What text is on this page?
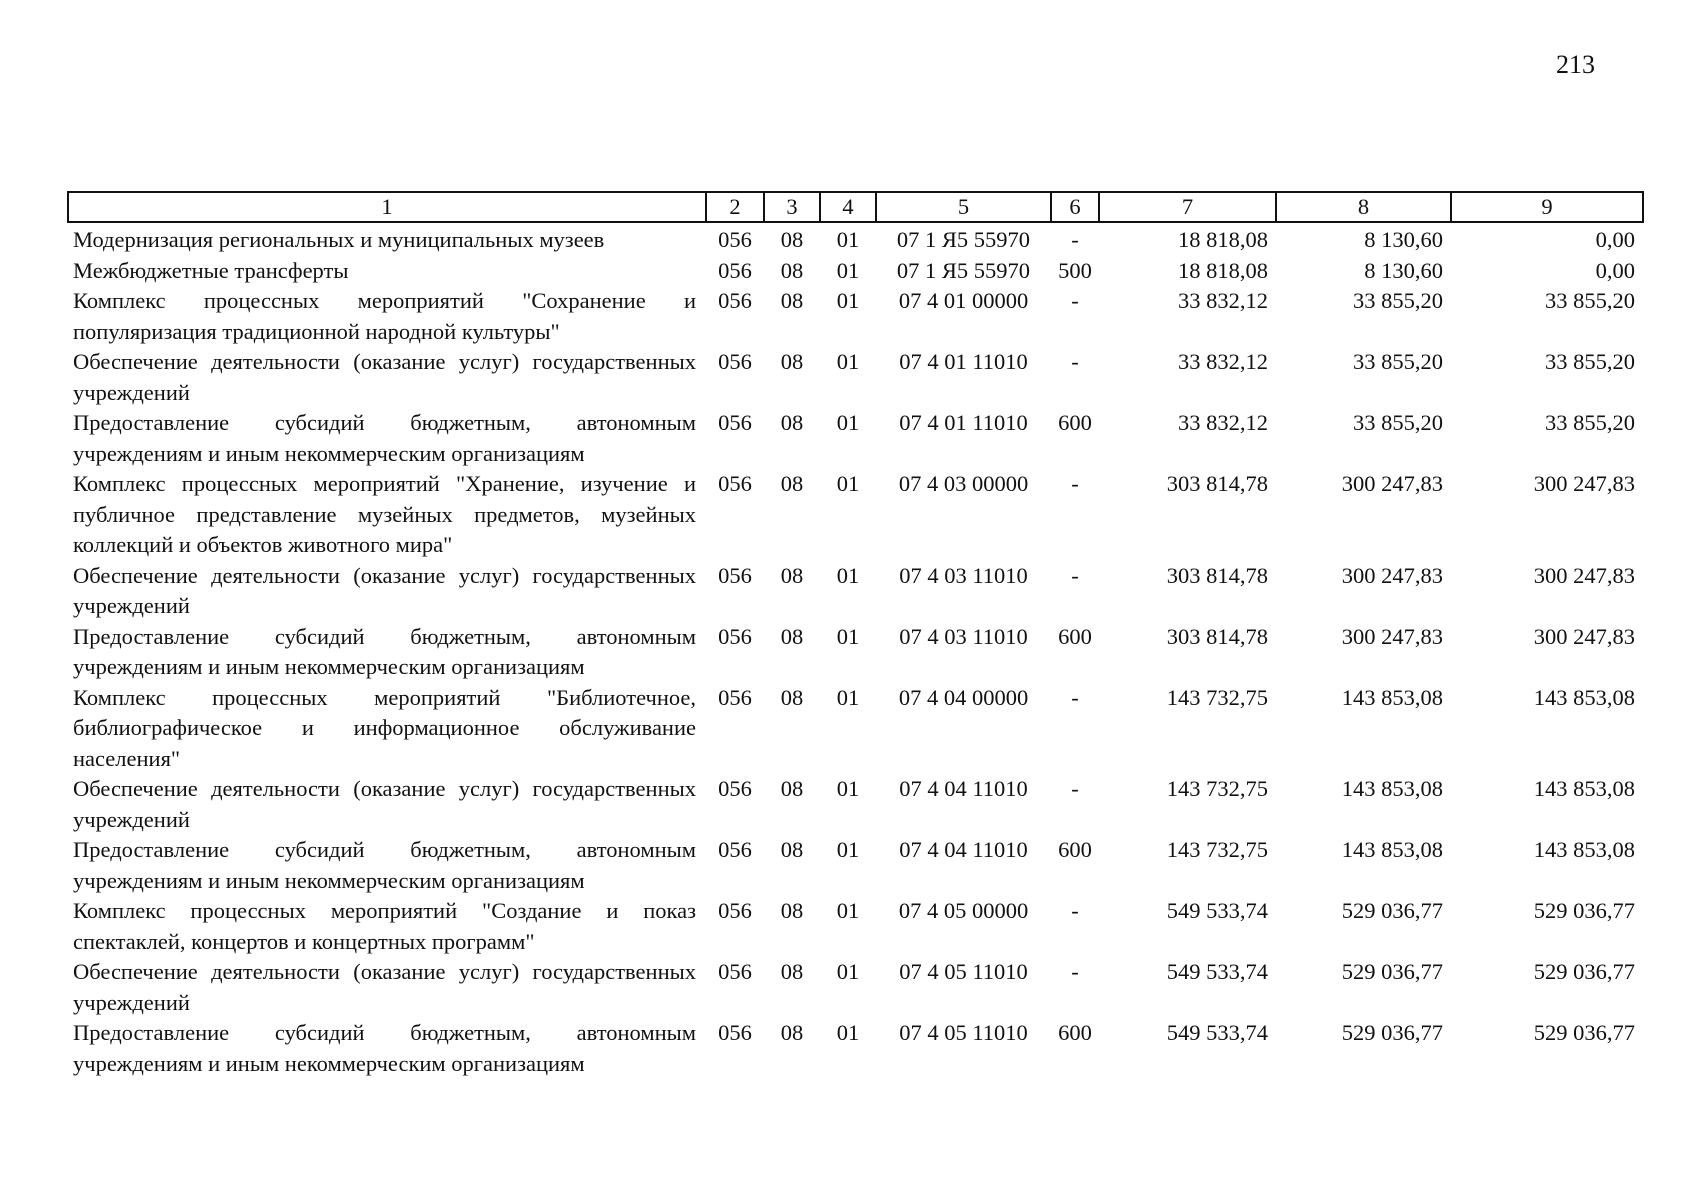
213
1	2	3	4	5	6	7	8	9
Модернизация региональных и муниципальных музеев	056	08	01	07 1 Я5 55970	-	18 818,08	8 130,60	0,00
Межбюджетные трансферты	056	08	01	07 1 Я5 55970	500	18 818,08	8 130,60	0,00
Комплекс процессных мероприятий "Сохранение и популяризация традиционной народной культуры"	056	08	01	07 4 01 00000	-	33 832,12	33 855,20	33 855,20
Обеспечение деятельности (оказание услуг) государственных учреждений	056	08	01	07 4 01 11010	-	33 832,12	33 855,20	33 855,20
Предоставление субсидий бюджетным, автономным учреждениям и иным некоммерческим организациям	056	08	01	07 4 01 11010	600	33 832,12	33 855,20	33 855,20
Комплекс процессных мероприятий "Хранение, изучение и публичное представление музейных предметов, музейных коллекций и объектов животного мира"	056	08	01	07 4 03 00000	-	303 814,78	300 247,83	300 247,83
Обеспечение деятельности (оказание услуг) государственных учреждений	056	08	01	07 4 03 11010	-	303 814,78	300 247,83	300 247,83
Предоставление субсидий бюджетным, автономным учреждениям и иным некоммерческим организациям	056	08	01	07 4 03 11010	600	303 814,78	300 247,83	300 247,83
Комплекс процессных мероприятий "Библиотечное, библиографическое и информационное обслуживание населения"	056	08	01	07 4 04 00000	-	143 732,75	143 853,08	143 853,08
Обеспечение деятельности (оказание услуг) государственных учреждений	056	08	01	07 4 04 11010	-	143 732,75	143 853,08	143 853,08
Предоставление субсидий бюджетным, автономным учреждениям и иным некоммерческим организациям	056	08	01	07 4 04 11010	600	143 732,75	143 853,08	143 853,08
Комплекс процессных мероприятий "Создание и показ спектаклей, концертов и концертных программ"	056	08	01	07 4 05 00000	-	549 533,74	529 036,77	529 036,77
Обеспечение деятельности (оказание услуг) государственных учреждений	056	08	01	07 4 05 11010	-	549 533,74	529 036,77	529 036,77
Предоставление субсидий бюджетным, автономным учреждениям и иным некоммерческим организациям	056	08	01	07 4 05 11010	600	549 533,74	529 036,77	529 036,77
